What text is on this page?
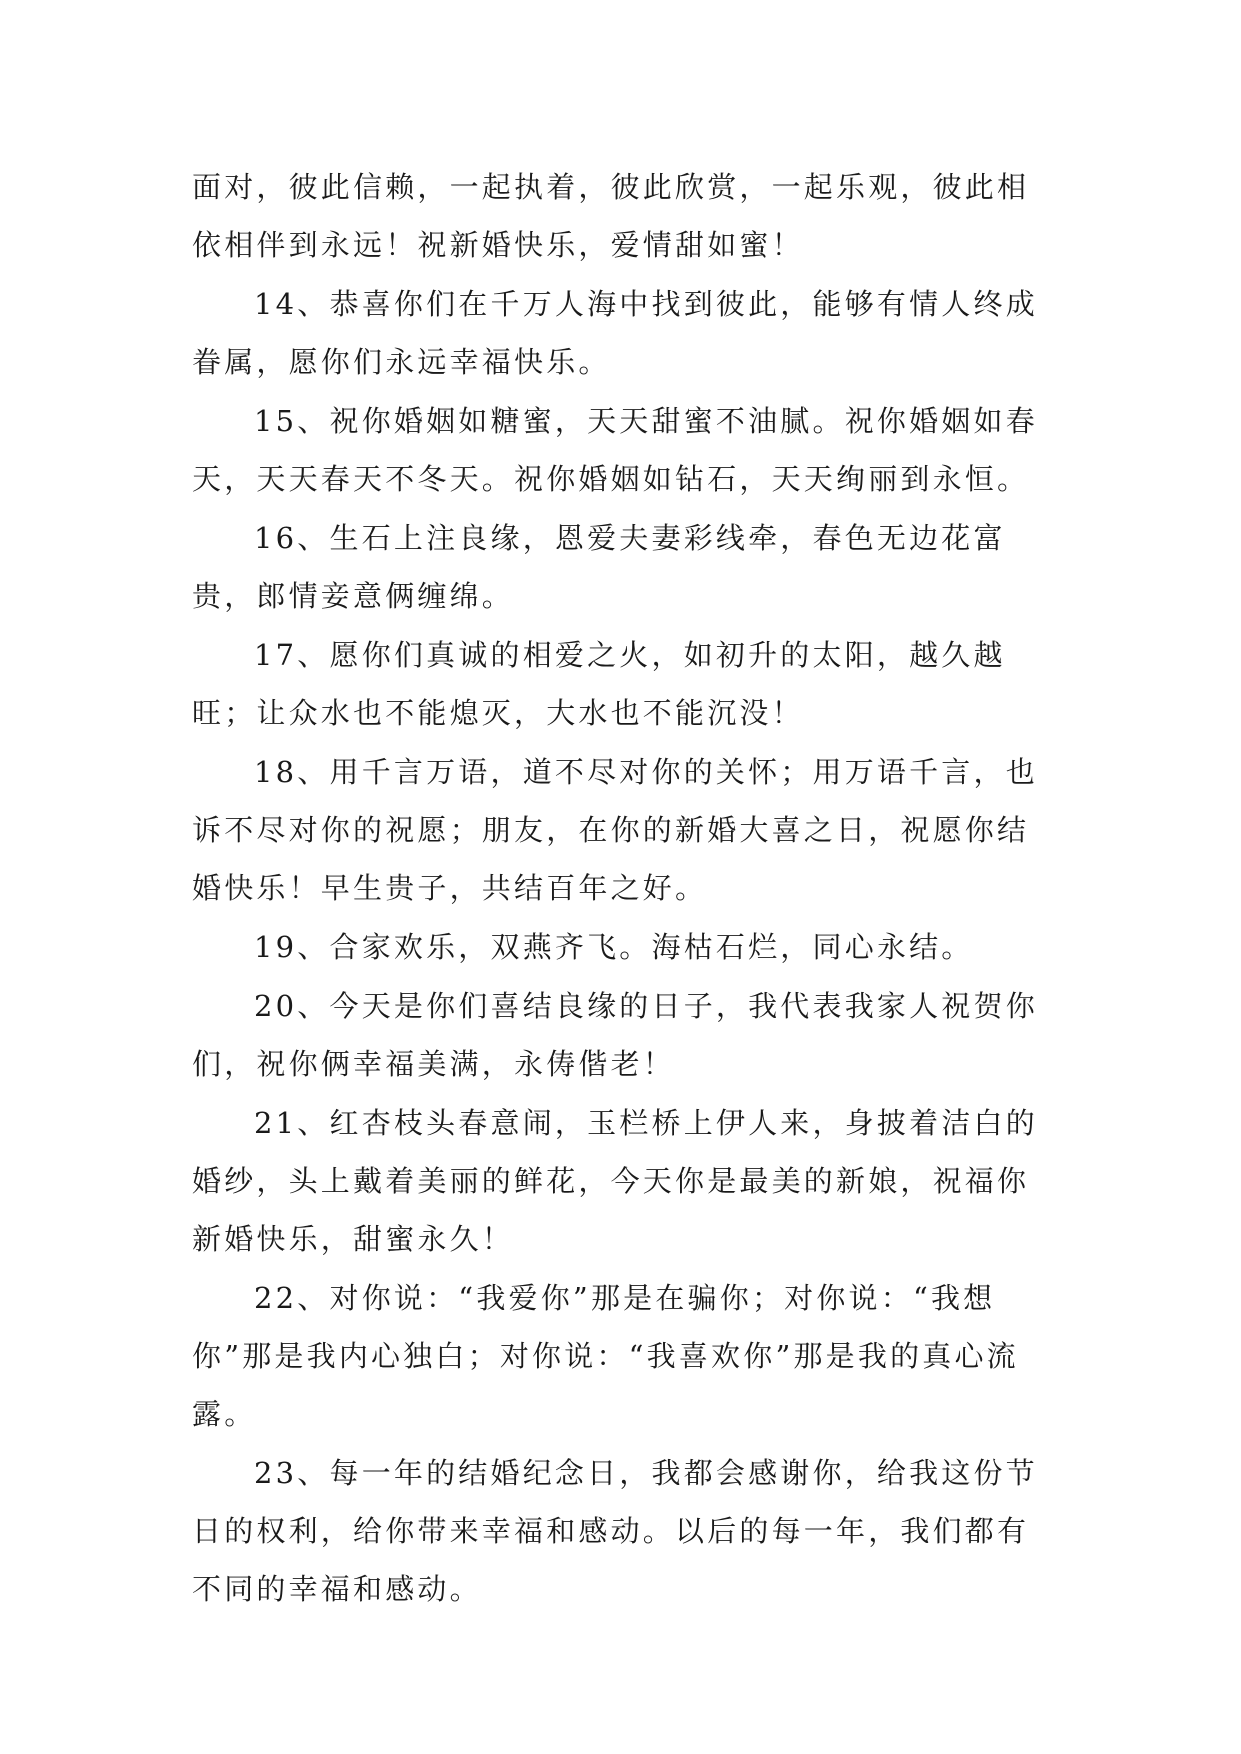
面对，彼此信赖，一起执着，彼此欣赏，一起乐观，彼此相依相伴到永远！祝新婚快乐，爱情甜如蜜！

14、恭喜你们在千万人海中找到彼此，能够有情人终成眷属，愿你们永远幸福快乐。

15、祝你婚姻如糖蜜，天天甜蜜不油腻。祝你婚姻如春天，天天春天不冬天。祝你婚姻如钻石，天天绚丽到永恒。

16、生石上注良缘，恩爱夫妻彩线牵，春色无边花富贵，郎情妾意俩缠绵。

17、愿你们真诚的相爱之火，如初升的太阳，越久越旺；让众水也不能熄灭，大水也不能沉没！

18、用千言万语，道不尽对你的关怀；用万语千言，也诉不尽对你的祝愿；朋友，在你的新婚大喜之日，祝愿你结婚快乐！早生贵子，共结百年之好。

19、合家欢乐，双燕齐飞。海枯石烂，同心永结。

20、今天是你们喜结良缘的日子，我代表我家人祝贺你们，祝你俩幸福美满，永俦偕老！

21、红杏枝头春意闹，玉栏桥上伊人来，身披着洁白的婚纱，头上戴着美丽的鲜花，今天你是最美的新娘，祝福你新婚快乐，甜蜜永久！

22、对你说：“我爱你”那是在骗你；对你说：“我想你”那是我内心独白；对你说：“我喜欢你”那是我的真心流露。

23、每一年的结婚纪念日，我都会感谢你，给我这份节日的权利，给你带来幸福和感动。以后的每一年，我们都有不同的幸福和感动。
